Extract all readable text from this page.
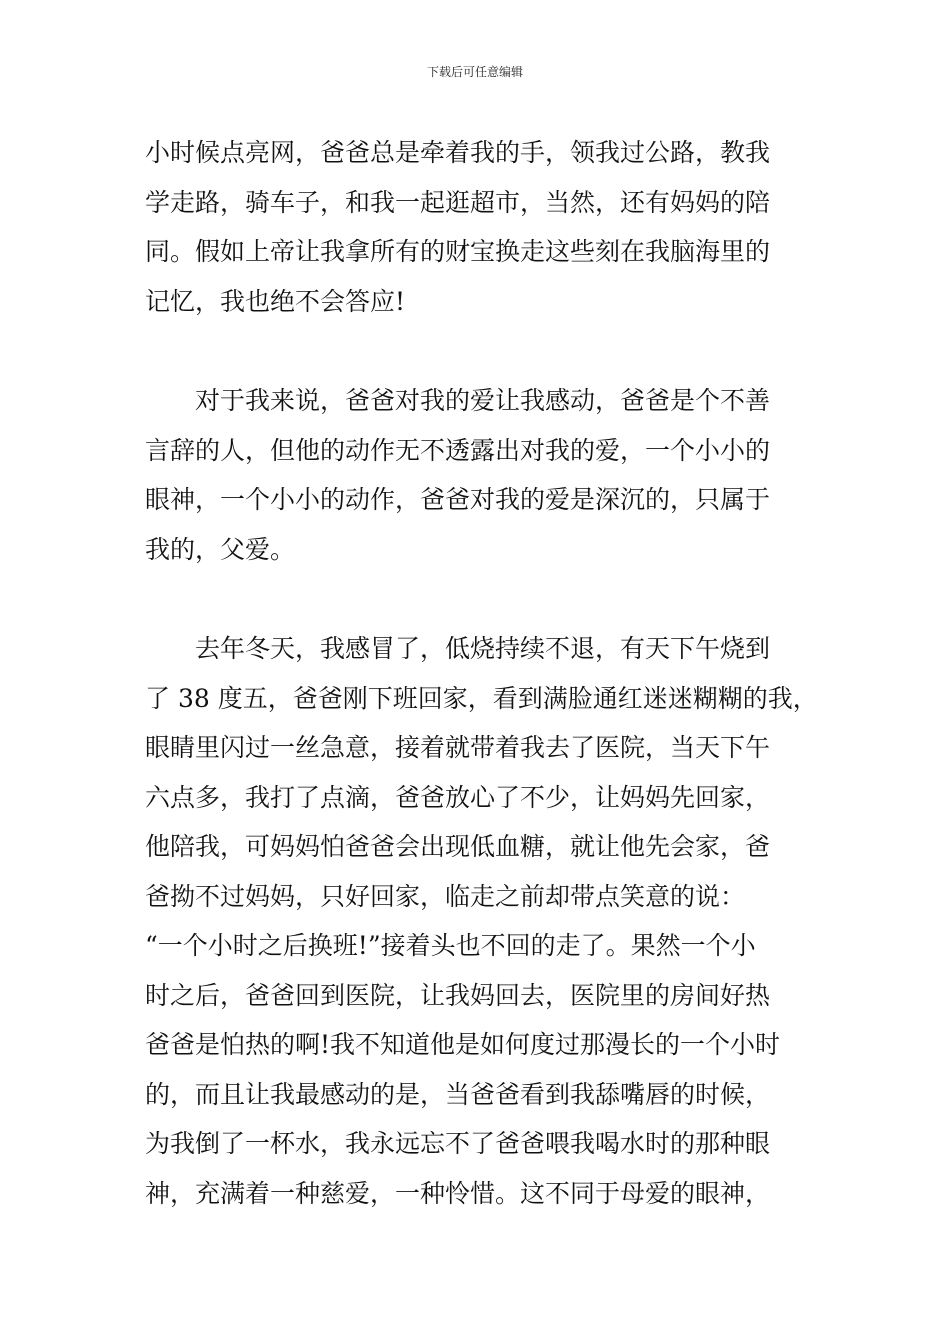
下载后可任意编辑
小时候点亮网，爸爸总是牵着我的手，领我过公路，教我
学走路，骑车子，和我一起逛超市，当然，还有妈妈的陪
同。假如上帝让我拿所有的财宝换走这些刻在我脑海里的
记忆，我也绝不会答应!
对于我来说，爸爸对我的爱让我感动，爸爸是个不善
言辞的人，但他的动作无不透露出对我的爱，一个小小的
眼神，一个小小的动作，爸爸对我的爱是深沉的，只属于
我的，父爱。
去年冬天，我感冒了，低烧持续不退，有天下午烧到
了 38 度五，爸爸刚下班回家，看到满脸通红迷迷糊糊的我，
眼睛里闪过一丝急意，接着就带着我去了医院，当天下午
六点多，我打了点滴，爸爸放心了不少，让妈妈先回家，
他陪我，可妈妈怕爸爸会出现低血糖，就让他先会家，爸
爸拗不过妈妈，只好回家，临走之前却带点笑意的说：
“一个小时之后换班!”接着头也不回的走了。果然一个小
时之后，爸爸回到医院，让我妈回去，医院里的房间好热
爸爸是怕热的啊!我不知道他是如何度过那漫长的一个小时
的，而且让我最感动的是，当爸爸看到我舔嘴唇的时候，
为我倒了一杯水，我永远忘不了爸爸喂我喝水时的那种眼
神，充满着一种慈爱，一种怜惜。这不同于母爱的眼神，
